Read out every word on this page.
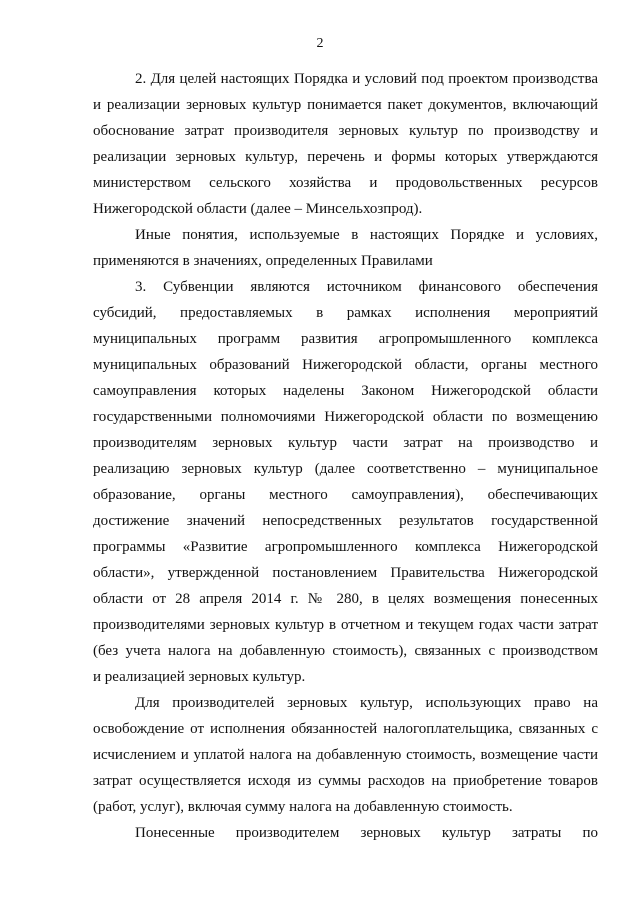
2
2. Для целей настоящих Порядка и условий под проектом производства
и реализации зерновых культур понимается пакет документов, включающий
обоснование затрат производителя зерновых культур по производству и
реализации зерновых культур, перечень и формы которых утверждаются
министерством сельского хозяйства и продовольственных ресурсов
Нижегородской области (далее – Минсельхозпрод).
Иные понятия, используемые в настоящих Порядке и условиях,
применяются в значениях, определенных Правилами
3. Субвенции являются источником финансового обеспечения
субсидий, предоставляемых в рамках исполнения мероприятий
муниципальных программ развития агропромышленного комплекса
муниципальных образований Нижегородской области, органы местного
самоуправления которых наделены Законом Нижегородской области
государственными полномочиями Нижегородской области по возмещению
производителям зерновых культур части затрат на производство и
реализацию зерновых культур (далее соответственно – муниципальное
образование, органы местного самоуправления), обеспечивающих
достижение значений непосредственных результатов государственной
программы «Развитие агропромышленного комплекса Нижегородской
области», утвержденной постановлением Правительства Нижегородской
области от 28 апреля 2014 г. № 280, в целях возмещения понесенных
производителями зерновых культур в отчетном и текущем годах части затрат
(без учета налога на добавленную стоимость), связанных с производством
и реализацией зерновых культур.
Для производителей зерновых культур, использующих право на
освобождение от исполнения обязанностей налогоплательщика, связанных с
исчислением и уплатой налога на добавленную стоимость, возмещение части
затрат осуществляется исходя из суммы расходов на приобретение товаров
(работ, услуг), включая сумму налога на добавленную стоимость.
Понесенные производителем зерновых культур затраты по
